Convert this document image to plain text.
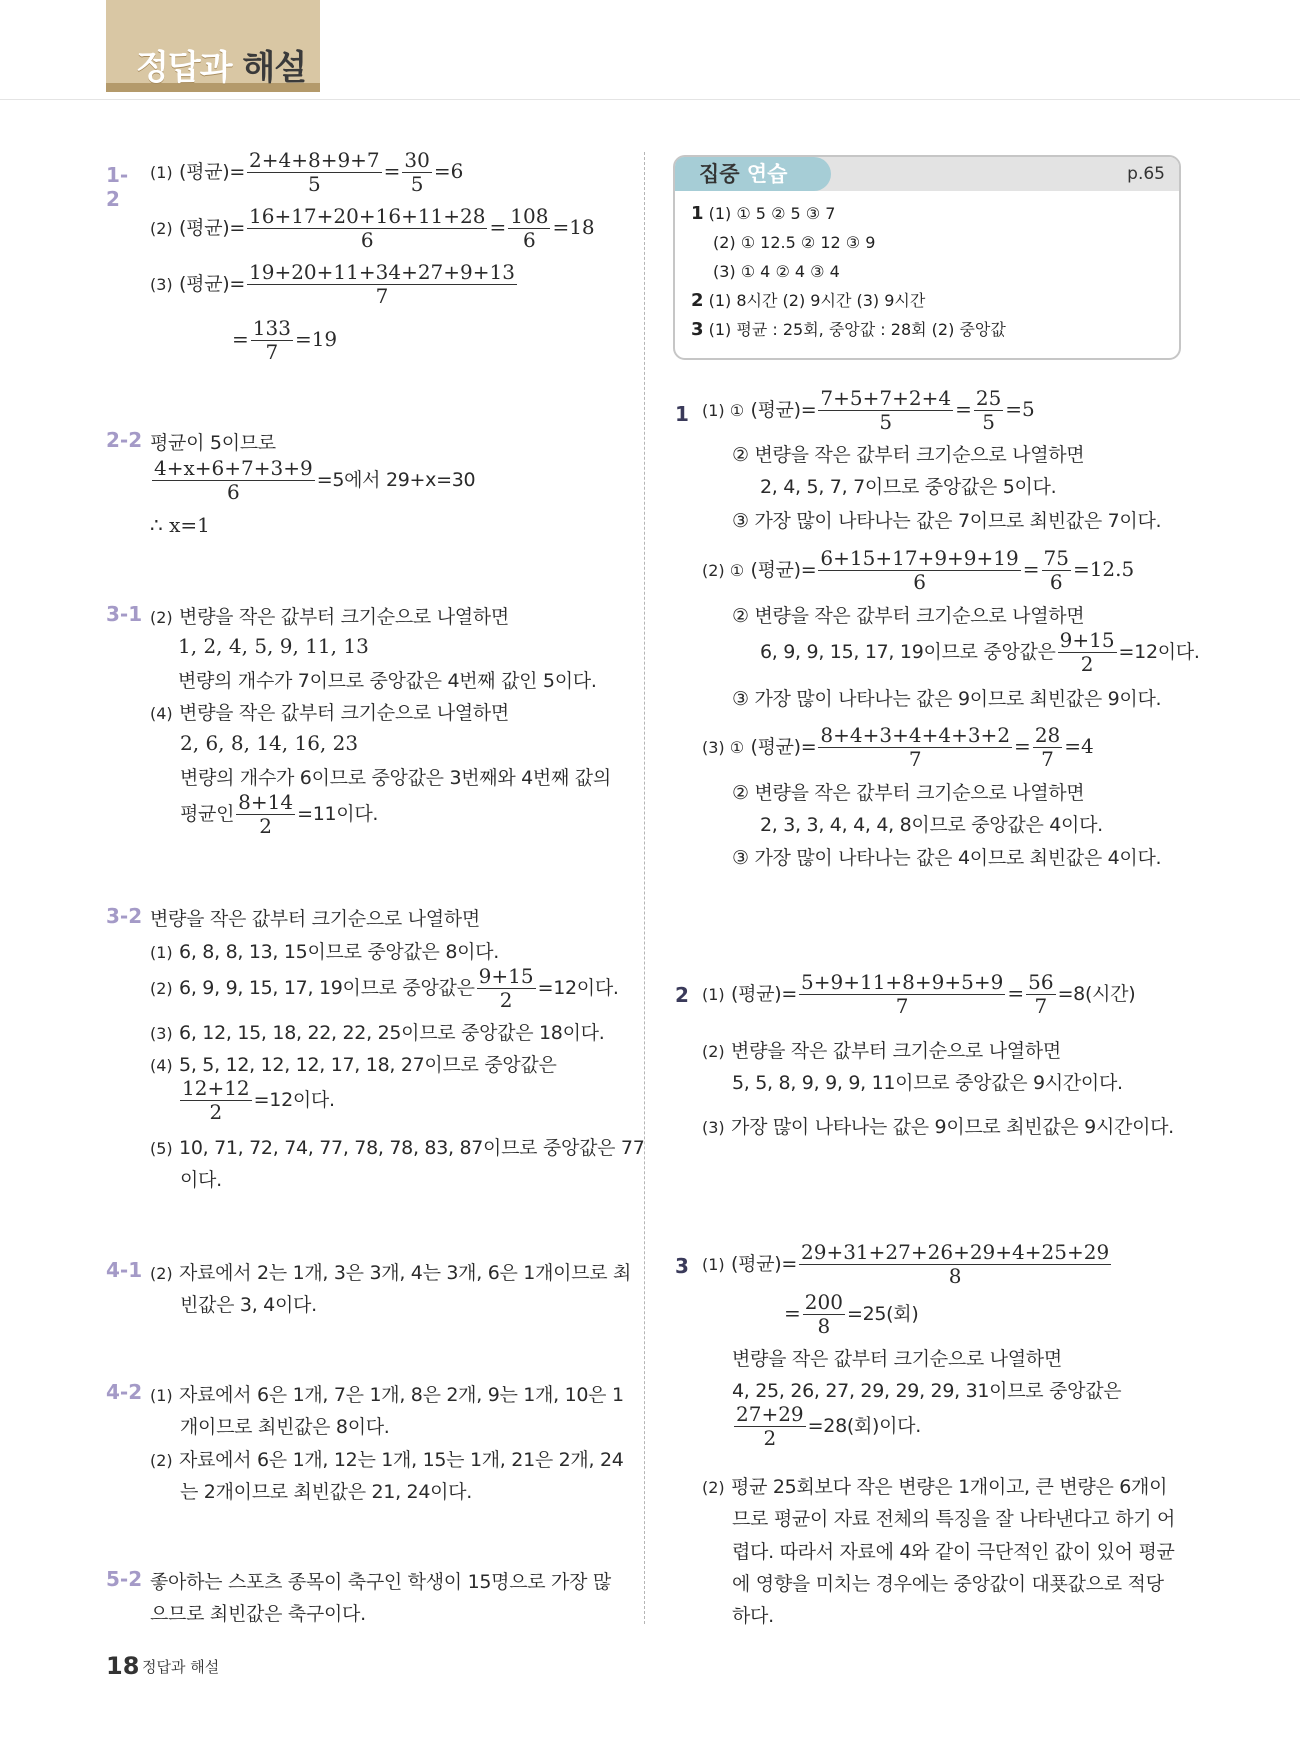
정답과 해설
1-2
(1) (평균)= $\frac{2+4+8+9+7}{5} = \frac{30}{5} =6$
(2) (평균)= $\frac{16+17+20+16+11+28}{6} = \frac{108}{6} =18$
(3) (평균)= $\frac{19+20+11+34+27+9+13}{7}$
= $\frac{133}{7} =19$
2-2 평균이 5이므로
$\frac{4+x+6+7+3+9}{6} =5$에서 29+x=30
∴ x=1
3-1 (2) 변량을 작은 값부터 크기순으로 나열하면
1, 2, 4, 5, 9, 11, 13
변량의 개수가 7이므로 중앙값은 4번째 값인 5이다.
(4) 변량을 작은 값부터 크기순으로 나열하면
2, 6, 8, 14, 16, 23
변량의 개수가 6이므로 중앙값은 3번째와 4번째 값의
평균인 $\frac{8+14}{2} =11$이다.
3-2 변량을 작은 값부터 크기순으로 나열하면
(1) 6, 8, 8, 13, 15이므로 중앙값은 8이다.
(2) 6, 9, 9, 15, 17, 19이므로 중앙값은 $\frac{9+15}{2} =12$이다.
(3) 6, 12, 15, 18, 22, 22, 25이므로 중앙값은 18이다.
(4) 5, 5, 12, 12, 12, 17, 18, 27이므로 중앙값은
$\frac{12+12}{2} =12$이다.
(5) 10, 71, 72, 74, 77, 78, 78, 83, 87이므로 중앙값은 77
이다.
4-1 (2) 자료에서 2는 1개, 3은 3개, 4는 3개, 6은 1개이므로 최
빈값은 3, 4이다.
4-2 (1) 자료에서 6은 1개, 7은 1개, 8은 2개, 9는 1개, 10은 1
개이므로 최빈값은 8이다.
(2) 자료에서 6은 1개, 12는 1개, 15는 1개, 21은 2개, 24
는 2개이므로 최빈값은 21, 24이다.
5-2 좋아하는 스포츠 종목이 축구인 학생이 15명으로 가장 많
으므로 최빈값은 축구이다.
집중 연습	p.65
1 (1) ① 5 ② 5 ③ 7
(2) ① 12.5 ② 12 ③ 9
(3) ① 4 ② 4 ③ 4
2 (1) 8시간 (2) 9시간 (3) 9시간
3 (1) 평균 : 25회, 중앙값 : 28회 (2) 중앙값
1 (1) ① (평균)= $\frac{7+5+7+2+4}{5} = \frac{25}{5} =5$
② 변량을 작은 값부터 크기순으로 나열하면
2, 4, 5, 7, 7이므로 중앙값은 5이다.
③ 가장 많이 나타나는 값은 7이므로 최빈값은 7이다.
(2) ① (평균)= $\frac{6+15+17+9+9+19}{6} = \frac{75}{6} =12.5$
② 변량을 작은 값부터 크기순으로 나열하면
6, 9, 9, 15, 17, 19이므로 중앙값은 $\frac{9+15}{2} =12$이다.
③ 가장 많이 나타나는 값은 9이므로 최빈값은 9이다.
(3) ① (평균)= $\frac{8+4+3+4+4+3+2}{7} = \frac{28}{7} =4$
② 변량을 작은 값부터 크기순으로 나열하면
2, 3, 3, 4, 4, 4, 8이므로 중앙값은 4이다.
③ 가장 많이 나타나는 값은 4이므로 최빈값은 4이다.
2 (1) (평균)= $\frac{5+9+11+8+9+5+9}{7} = \frac{56}{7} =8$(시간)
(2) 변량을 작은 값부터 크기순으로 나열하면
5, 5, 8, 9, 9, 9, 11이므로 중앙값은 9시간이다.
(3) 가장 많이 나타나는 값은 9이므로 최빈값은 9시간이다.
3 (1) (평균)= $\frac{29+31+27+26+29+4+25+29}{8}$
= $\frac{200}{8} =25$(회)
변량을 작은 값부터 크기순으로 나열하면
4, 25, 26, 27, 29, 29, 29, 31이므로 중앙값은
$\frac{27+29}{2} =28$(회)이다.
(2) 평균 25회보다 작은 변량은 1개이고, 큰 변량은 6개이
므로 평균이 자료 전체의 특징을 잘 나타낸다고 하기 어
렵다. 따라서 자료에 4와 같이 극단적인 값이 있어 평균
에 영향을 미치는 경우에는 중앙값이 대푯값으로 적당
하다.
18 정답과 해설
